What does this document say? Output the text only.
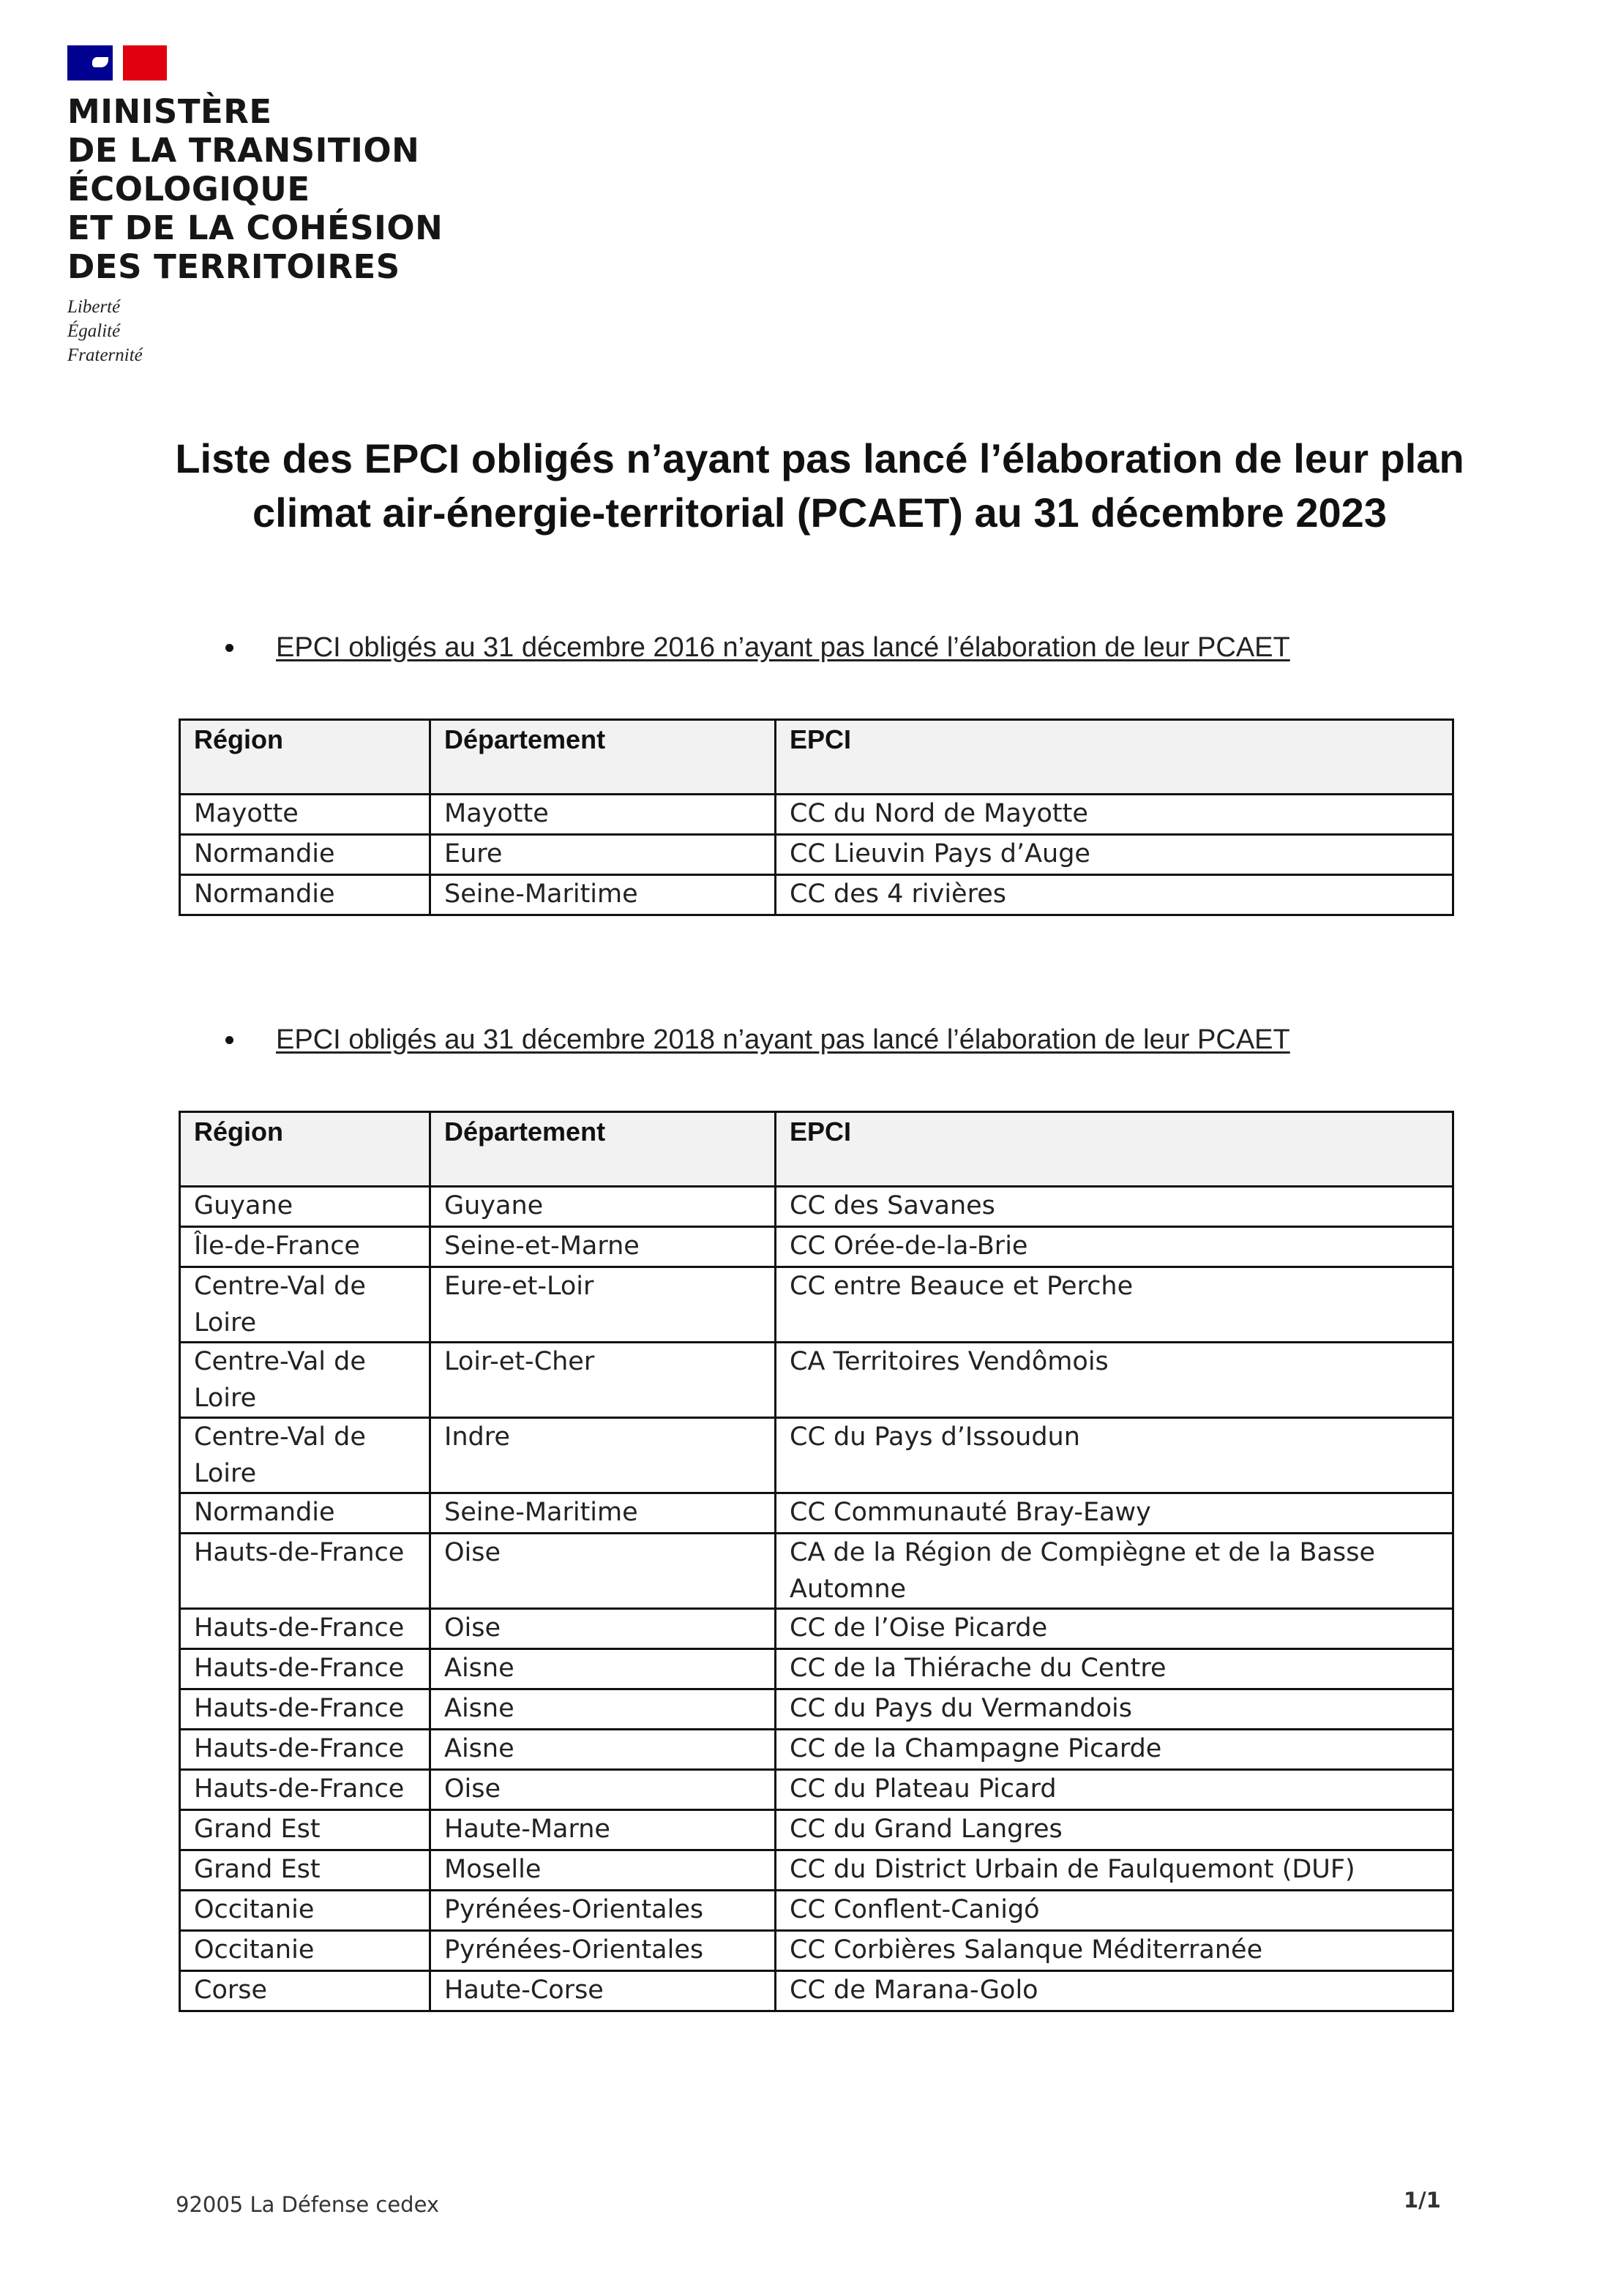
MINISTÈRE
DE LA TRANSITION
ÉCOLOGIQUE
ET DE LA COHÉSION
DES TERRITOIRES
Liberté
Égalité
Fraternité
Liste des EPCI obligés n’ayant pas lancé l’élaboration de leur plan
climat air-énergie-territorial (PCAET) au 31 décembre 2023
EPCI obligés au 31 décembre 2016 n’ayant pas lancé l’élaboration de leur PCAET
Région	Département	EPCI
Mayotte	Mayotte	CC du Nord de Mayotte
Normandie	Eure	CC Lieuvin Pays d’Auge
Normandie	Seine-Maritime	CC des 4 rivières
EPCI obligés au 31 décembre 2018 n’ayant pas lancé l’élaboration de leur PCAET
Région	Département	EPCI
Guyane	Guyane	CC des Savanes
Île-de-France	Seine-et-Marne	CC Orée-de-la-Brie
Centre-Val de Loire	Eure-et-Loir	CC entre Beauce et Perche
Centre-Val de Loire	Loir-et-Cher	CA Territoires Vendômois
Centre-Val de Loire	Indre	CC du Pays d’Issoudun
Normandie	Seine-Maritime	CC Communauté Bray-Eawy
Hauts-de-France	Oise	CA de la Région de Compiègne et de la Basse Automne
Hauts-de-France	Oise	CC de l’Oise Picarde
Hauts-de-France	Aisne	CC de la Thiérache du Centre
Hauts-de-France	Aisne	CC du Pays du Vermandois
Hauts-de-France	Aisne	CC de la Champagne Picarde
Hauts-de-France	Oise	CC du Plateau Picard
Grand Est	Haute-Marne	CC du Grand Langres
Grand Est	Moselle	CC du District Urbain de Faulquemont (DUF)
Occitanie	Pyrénées-Orientales	CC Conflent-Canigó
Occitanie	Pyrénées-Orientales	CC Corbières Salanque Méditerranée
Corse	Haute-Corse	CC de Marana-Golo
92005 La Défense cedex	1/1
